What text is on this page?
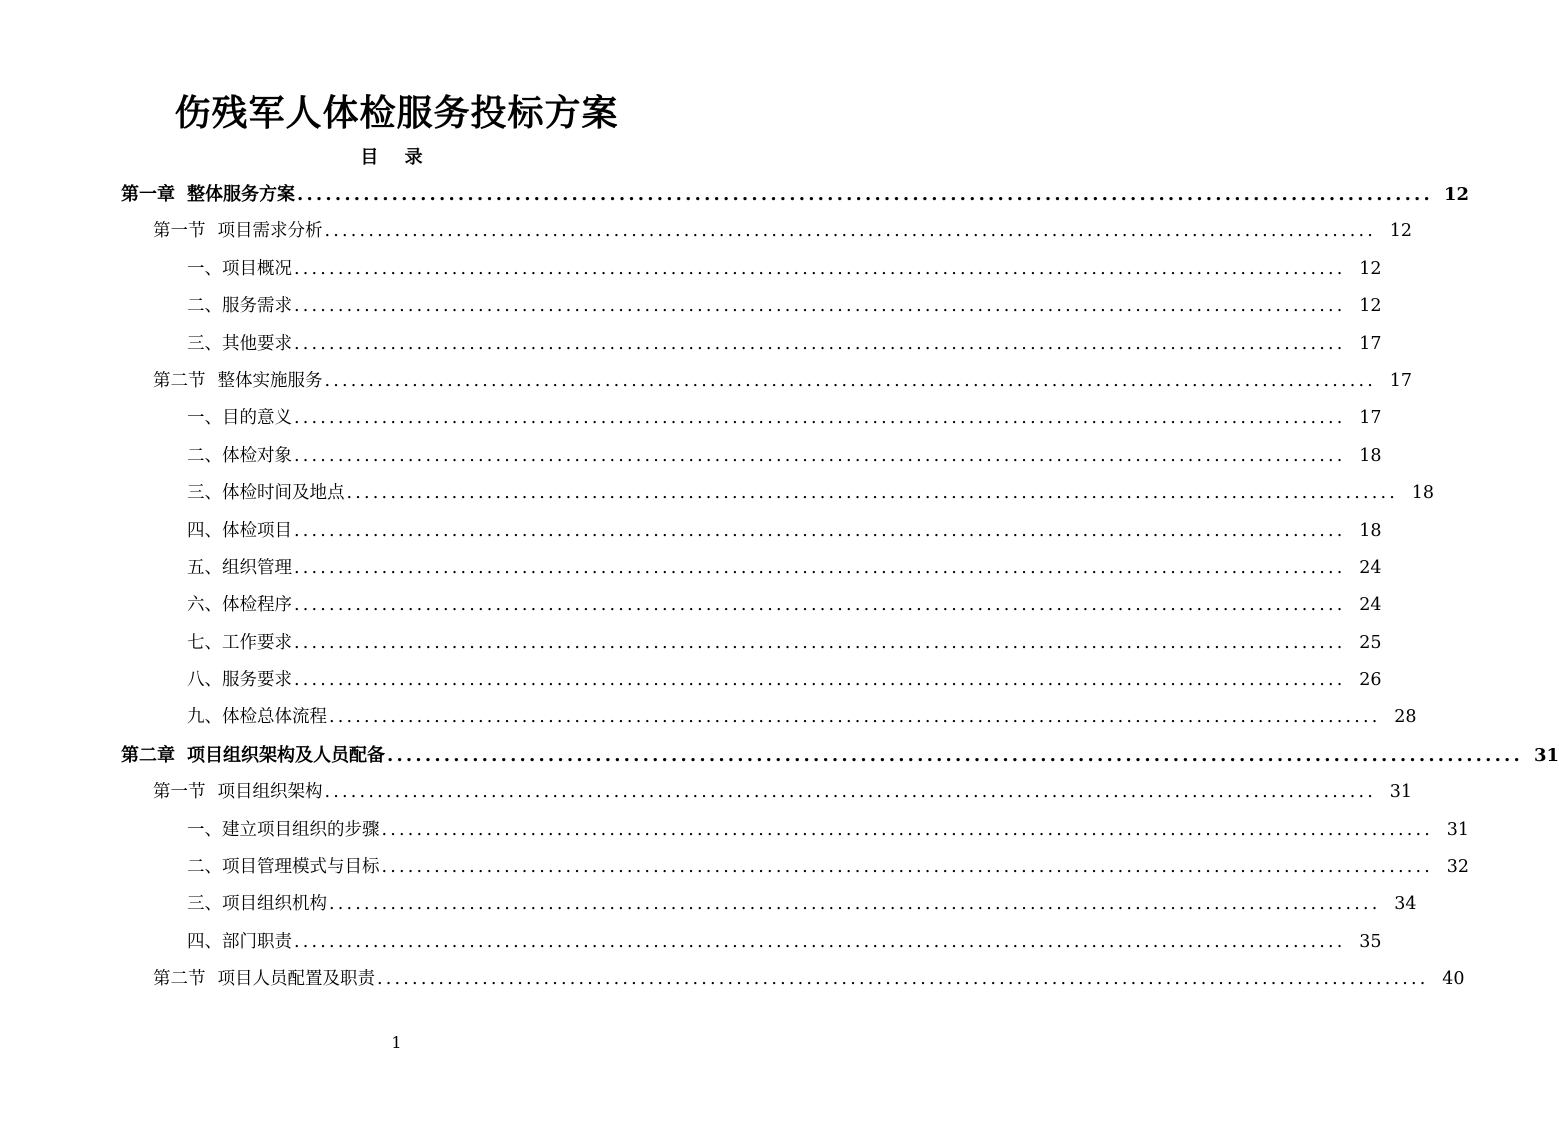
伤残军人体检服务投标方案
目 录
第一章 整体服务方案 ........................................................................................................................ 12
第一节 项目需求分析 ........................................................................................................................ 12
一、项目概况 ........................................................................................................................ 12
二、服务需求 ........................................................................................................................ 12
三、其他要求 ........................................................................................................................ 17
第二节 整体实施服务 ........................................................................................................................ 17
一、目的意义 ........................................................................................................................ 17
二、体检对象 ........................................................................................................................ 18
三、体检时间及地点 ........................................................................................................................ 18
四、体检项目 ........................................................................................................................ 18
五、组织管理 ........................................................................................................................ 24
六、体检程序 ........................................................................................................................ 24
七、工作要求 ........................................................................................................................ 25
八、服务要求 ........................................................................................................................ 26
九、体检总体流程 ........................................................................................................................ 28
第二章 项目组织架构及人员配备 ........................................................................................................................ 31
第一节 项目组织架构 ........................................................................................................................ 31
一、建立项目组织的步骤 ........................................................................................................................ 31
二、项目管理模式与目标 ........................................................................................................................ 32
三、项目组织机构 ........................................................................................................................ 34
四、部门职责 ........................................................................................................................ 35
第二节 项目人员配置及职责 ........................................................................................................................ 40
1
